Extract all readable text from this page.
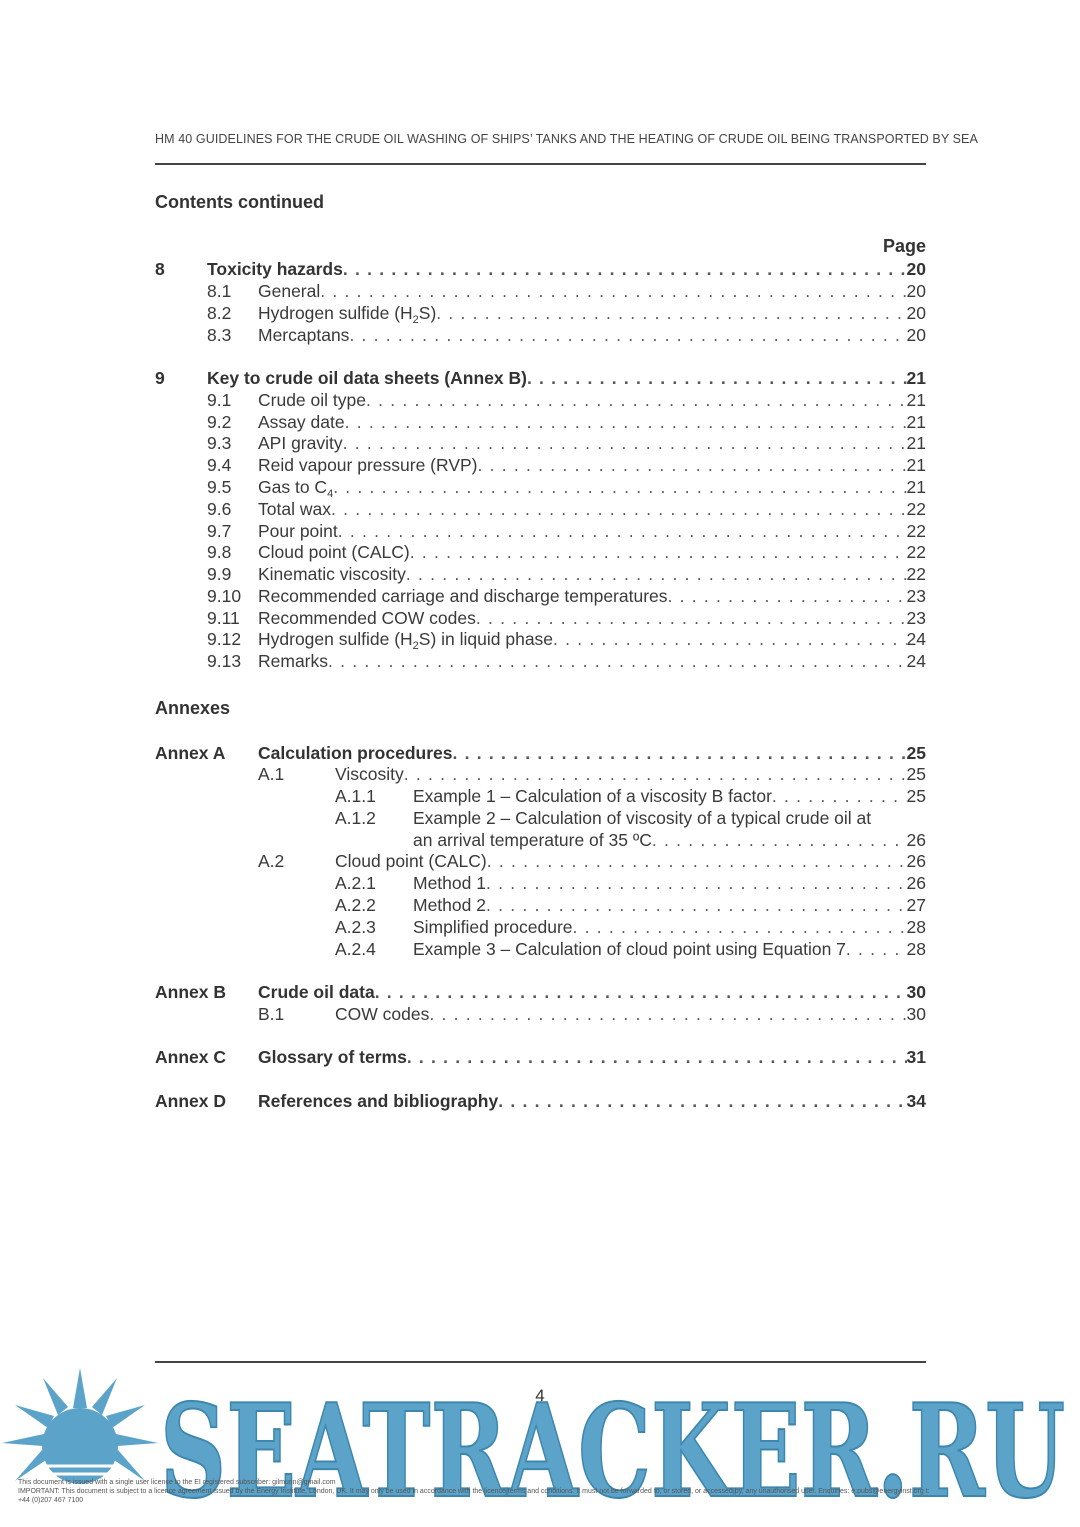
HM 40 GUIDELINES FOR THE CRUDE OIL WASHING OF SHIPS’ TANKS AND THE HEATING OF CRUDE OIL BEING TRANSPORTED BY SEA
Contents continued
Page
8 Toxicity hazards . . .	20
8.1 General . . .	20
8.2 Hydrogen sulfide $(H_2S)$ . . .	20
8.3 Mercaptans . . .	20
9 Key to crude oil data sheets (Annex B) . . .	21
9.1 Crude oil type . . .	21
9.2 Assay date . . .	21
9.3 API gravity . . .	21
9.4 Reid vapour pressure (RVP) . . .	21
9.5 Gas to $C_4$ . . .	21
9.6 Total wax . . .	22
9.7 Pour point . . .	22
9.8 Cloud point (CALC) . . .	22
9.9 Kinematic viscosity . . .	22
9.10 Recommended carriage and discharge temperatures . . .	23
9.11 Recommended COW codes . . .	23
9.12 Hydrogen sulfide $(H_2S)$ in liquid phase . . .	24
9.13 Remarks . . .	24
Annexes
Annex A Calculation procedures . . .	25
A.1	Viscosity . . .	25
A.1.1 Example 1 – Calculation of a viscosity B factor . . .	25
A.1.2 Example 2 – Calculation of viscosity of a typical crude oil at
an arrival temperature of 35 ºC . . .	26
A.2	Cloud point (CALC) . . .	26
A.2.1 Method 1 . . .	26
A.2.2 Method 2 . . .	27
A.2.3 Simplified procedure . . .	28
A.2.4 Example 3 – Calculation of cloud point using Equation 7 . . .	28
Annex B Crude oil data . . .	30
B.1	COW codes . . .	30
Annex C Glossary of terms . . .	31
Annex D References and bibliography . . .	34
SEATRACKER.RU
4
This document is issued with a single user licence to the EI registered subscriber: gilmurin@gmail.com
IMPORTANT: This document is subject to a licence agreement issued by the Energy Institute, London, UK. It may only be used in accordance with the licence terms and conditions. It must not be forwarded to, or stored, or accessed by, any unauthorised user. Enquiries: e:pubs@energyinst.org t:
+44 (0)207 467 7100
